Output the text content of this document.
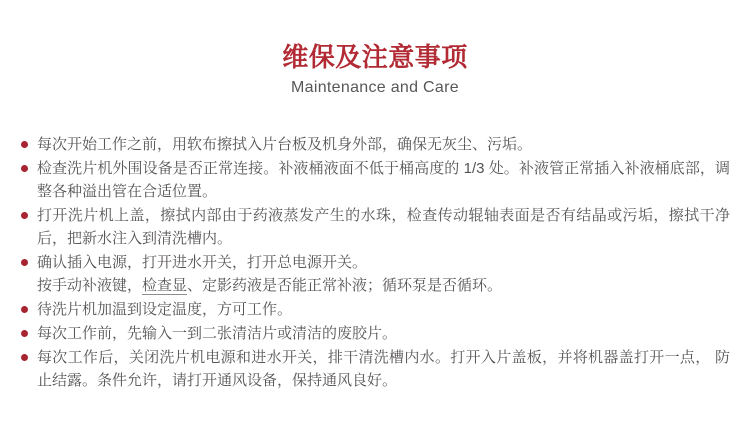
维保及注意事项
Maintenance and Care
每次开始工作之前，用软布擦拭入片台板及机身外部，确保无灰尘、污垢。
检查洗片机外围设备是否正常连接。补液桶液面不低于桶高度的 1/3 处。补液管正常插入补液桶底部，调整各种溢出管在合适位置。
打开洗片机上盖，擦拭内部由于药液蒸发产生的水珠，检查传动辊轴表面是否有结晶或污垢，擦拭干净后，把新水注入到清洗槽内。
确认插入电源，打开进水开关，打开总电源开关。
按手动补液键，检查显、定影药液是否能正常补液；循环泵是否循环。
待洗片机加温到设定温度，方可工作。
每次工作前，先输入一到二张清洁片或清洁的废胶片。
每次工作后，关闭洗片机电源和进水开关，排干清洗槽内水。打开入片盖板，并将机器盖打开一点， 防止结露。条件允许，请打开通风设备，保持通风良好。
